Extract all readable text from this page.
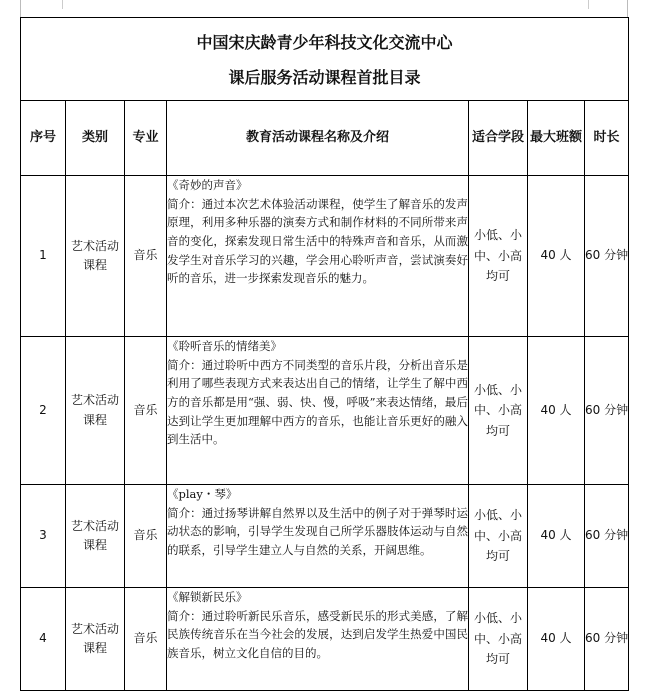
中国宋庆龄青少年科技文化交流中心
课后服务活动课程首批目录						

序号	类别	专业	教育活动课程名称及介绍	适合学段	最大班额	时长
1	艺术活动课程	音乐	《奇妙的声音》
简介：通过本次艺术体验活动课程，使学生了解音乐的发声原理，利用多种乐器的演奏方式和制作材料的不同所带来声音的变化，探索发现日常生活中的特殊声音和音乐，从而激发学生对音乐学习的兴趣，学会用心聆听声音，尝试演奏好听的音乐，进一步探索发现音乐的魅力。	小低、小中、小高均可	40 人	60 分钟
2	艺术活动课程	音乐	《聆听音乐的情绪美》
简介：通过聆听中西方不同类型的音乐片段，分析出音乐是利用了哪些表现方式来表达出自己的情绪，让学生了解中西方的音乐都是用“强、弱、快、慢，呼吸”来表达情绪，最后达到让学生更加理解中西方的音乐，也能让音乐更好的融入到生活中。	小低、小中、小高均可	40 人	60 分钟
3	艺术活动课程	音乐	《play・琴》
简介：通过扬琴讲解自然界以及生活中的例子对于弹琴时运动状态的影响，引导学生发现自己所学乐器肢体运动与自然的联系，引导学生建立人与自然的关系，开阔思维。	小低、小中、小高均可	40 人	60 分钟
4	艺术活动课程	音乐	《解锁新民乐》
简介：通过聆听新民乐音乐，感受新民乐的形式美感，了解民族传统音乐在当今社会的发展，达到启发学生热爱中国民族音乐，树立文化自信的目的。	小低、小中、小高均可	40 人	60 分钟
